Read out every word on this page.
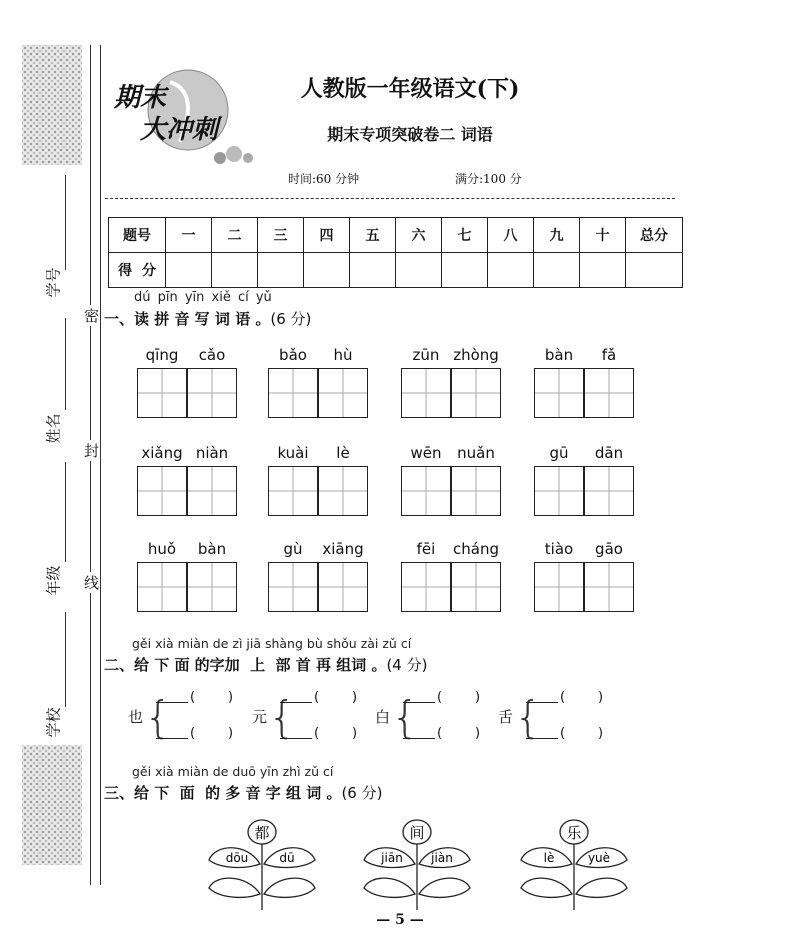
学号
姓名
年级
学校
密
封
线
期末
大冲刺
人教版一年级语文(下)
期末专项突破卷二 词语
时间:60 分钟	满分:100 分
题号	一	二	三	四	五	六	七	八	九	十	总分
得  分											
dú pīn yīn xiě cí yǔ
一、读 拼 音 写 词 语 。(6 分)
qīng	cǎo	bǎo	hù	zūn zhòng	bàn	fǎ
xiǎng niàn	kuài	lè	wēn	nuǎn	gū	dān
huǒ	bàn	gù	xiāng	fēi	cháng	tiào	gāo
gěi xià miàn de zì jiā shàng bù shǒu zài zǔ cí
二、给 下 面 的字加  上  部 首 再 组词 。(4 分)
也 { (	)
(	)
元 { (	)
(	)
白 { (	)
(	)
舌 { (	)
(	)
gěi xià miàn de duō yīn zhì zǔ cí
三、给 下  面  的 多 音 字 组 词 。(6 分)
都
dōu	dū
间
jiān jiàn
乐
lè	yuè
— 5 —
